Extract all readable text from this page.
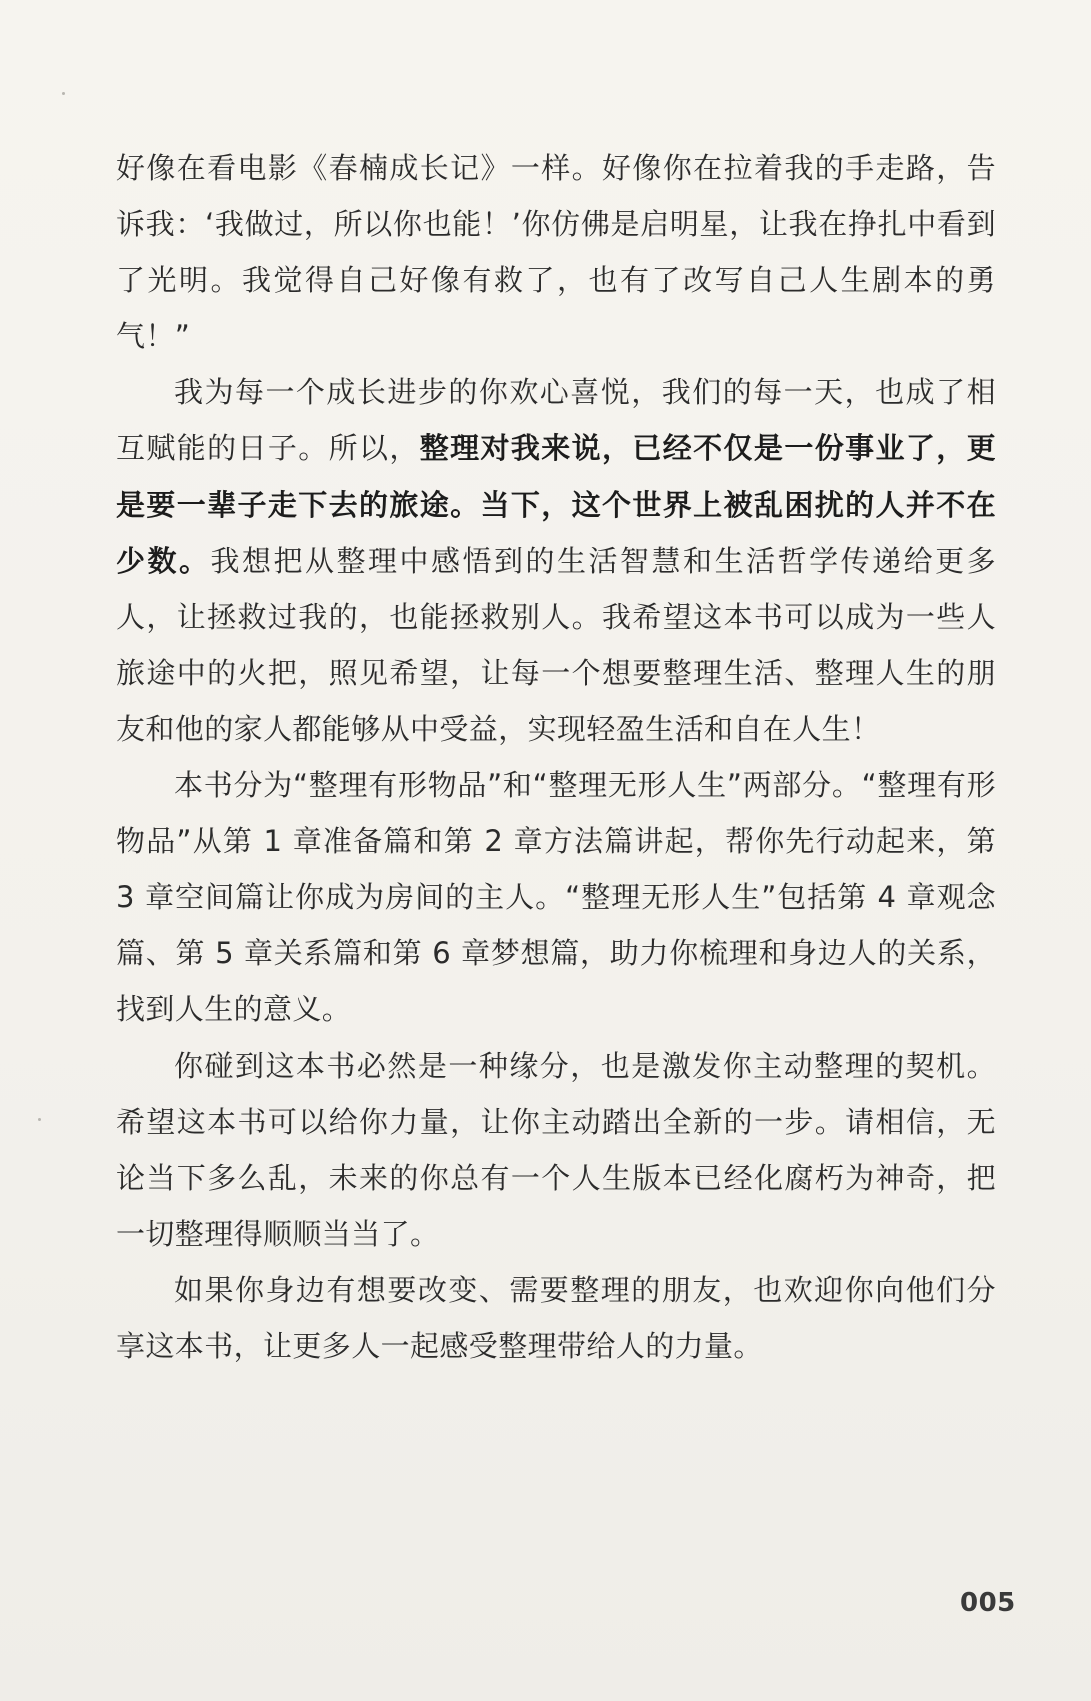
好像在看电影《春楠成长记》一样。好像你在拉着我的手走路，告诉我：‘我做过，所以你也能！’你仿佛是启明星，让我在挣扎中看到了光明。我觉得自己好像有救了，也有了改写自己人生剧本的勇气！”

我为每一个成长进步的你欢心喜悦，我们的每一天，也成了相互赋能的日子。所以，整理对我来说，已经不仅是一份事业了，更是要一辈子走下去的旅途。当下，这个世界上被乱困扰的人并不在少数。我想把从整理中感悟到的生活智慧和生活哲学传递给更多人，让拯救过我的，也能拯救别人。我希望这本书可以成为一些人旅途中的火把，照见希望，让每一个想要整理生活、整理人生的朋友和他的家人都能够从中受益，实现轻盈生活和自在人生！

本书分为“整理有形物品”和“整理无形人生”两部分。“整理有形物品”从第 1 章准备篇和第 2 章方法篇讲起，帮你先行动起来，第 3 章空间篇让你成为房间的主人。“整理无形人生”包括第 4 章观念篇、第 5 章关系篇和第 6 章梦想篇，助力你梳理和身边人的关系，找到人生的意义。

你碰到这本书必然是一种缘分，也是激发你主动整理的契机。希望这本书可以给你力量，让你主动踏出全新的一步。请相信，无论当下多么乱，未来的你总有一个人生版本已经化腐朽为神奇，把一切整理得顺顺当当了。

如果你身边有想要改变、需要整理的朋友，也欢迎你向他们分享这本书，让更多人一起感受整理带给人的力量。

005
